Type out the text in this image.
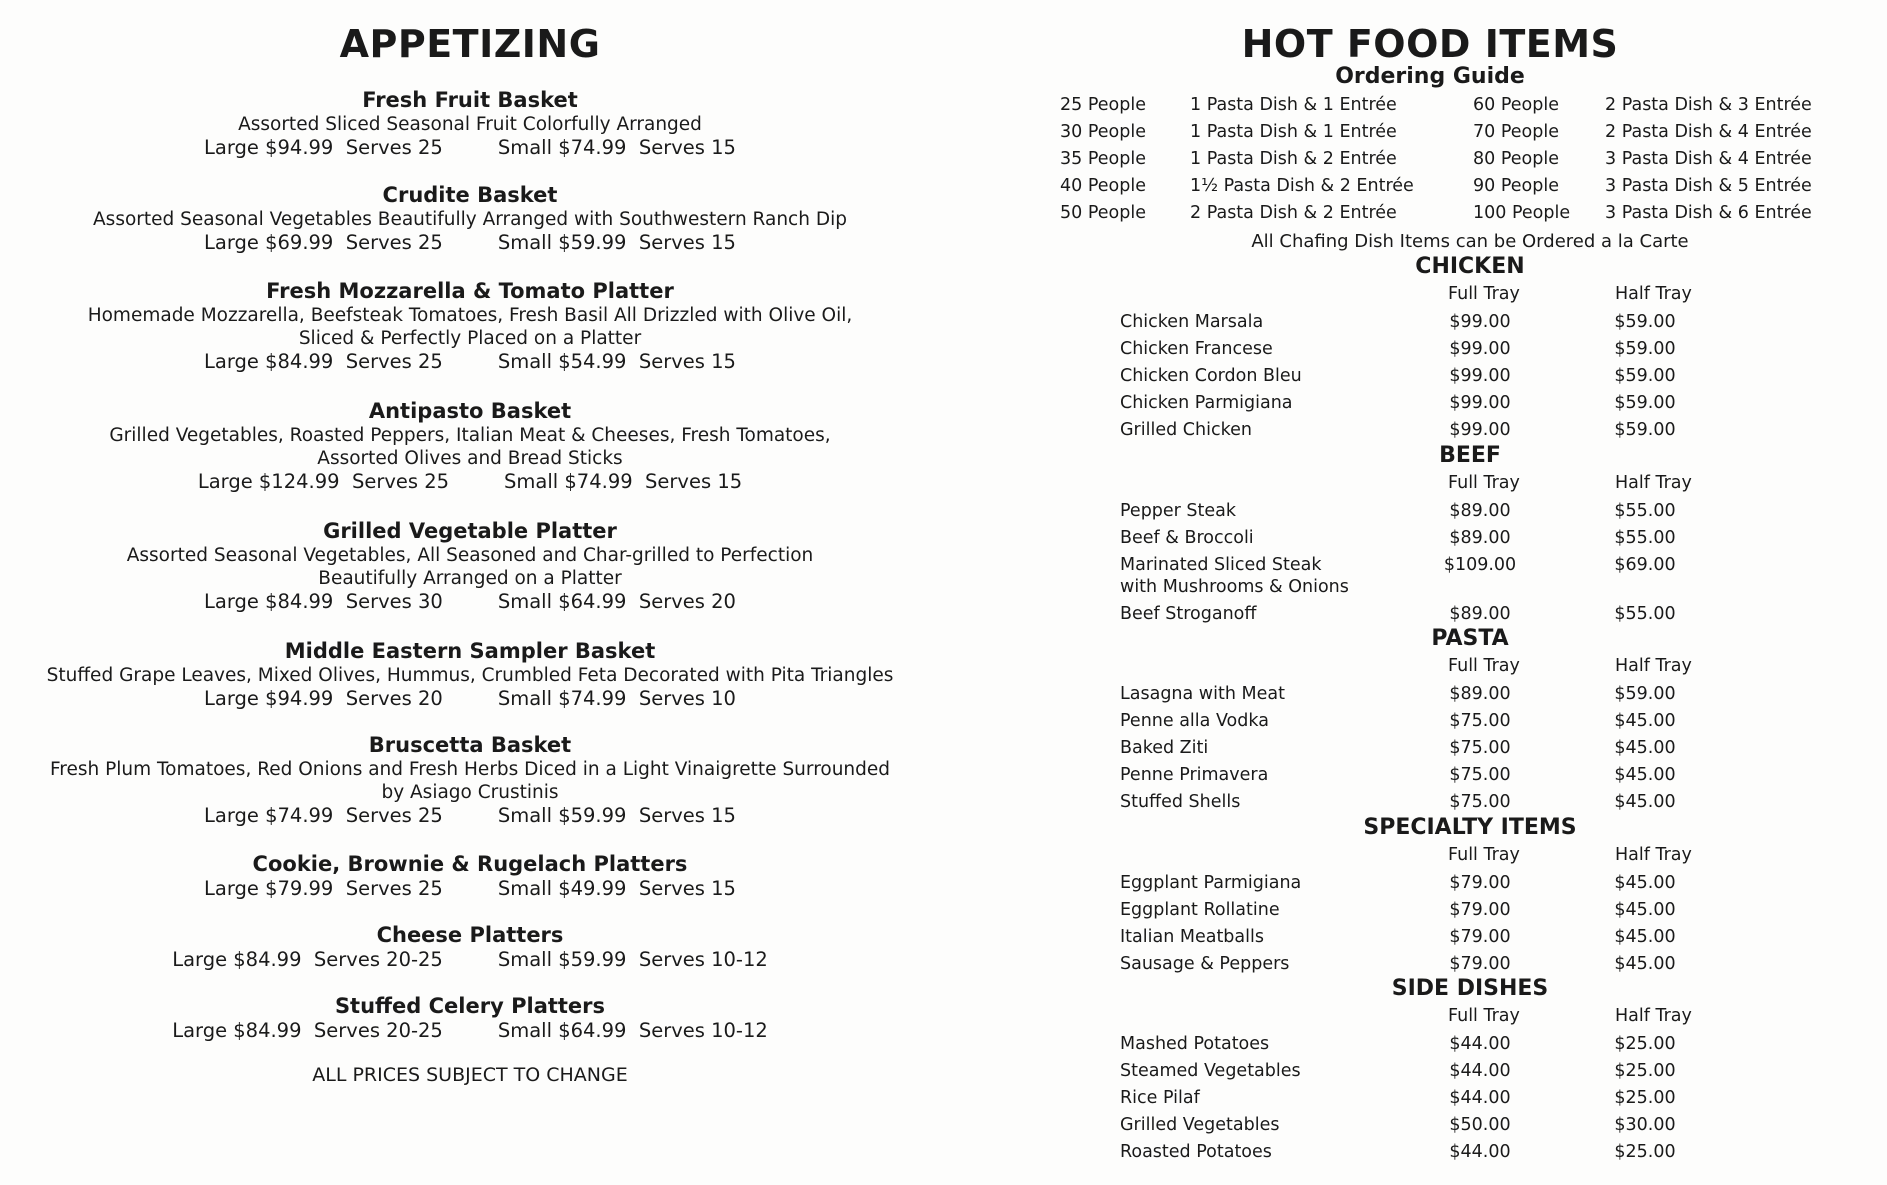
APPETIZING
Fresh Fruit Basket
Assorted Sliced Seasonal Fruit Colorfully Arranged
Large $94.99  Serves 25	Small $74.99  Serves 15
Crudite Basket
Assorted Seasonal Vegetables Beautifully Arranged with Southwestern Ranch Dip
Large $69.99  Serves 25	Small $59.99  Serves 15
Fresh Mozzarella & Tomato Platter
Homemade Mozzarella, Beefsteak Tomatoes, Fresh Basil All Drizzled with Olive Oil,
Sliced & Perfectly Placed on a Platter
Large $84.99  Serves 25	Small $54.99  Serves 15
Antipasto Basket
Grilled Vegetables, Roasted Peppers, Italian Meat & Cheeses, Fresh Tomatoes,
Assorted Olives and Bread Sticks
Large $124.99  Serves 25	Small $74.99  Serves 15
Grilled Vegetable Platter
Assorted Seasonal Vegetables, All Seasoned and Char-grilled to Perfection
Beautifully Arranged on a Platter
Large $84.99  Serves 30	Small $64.99  Serves 20
Middle Eastern Sampler Basket
Stuffed Grape Leaves, Mixed Olives, Hummus, Crumbled Feta Decorated with Pita Triangles
Large $94.99  Serves 20	Small $74.99  Serves 10
Bruscetta Basket
Fresh Plum Tomatoes, Red Onions and Fresh Herbs Diced in a Light Vinaigrette Surrounded
by Asiago Crustinis
Large $74.99  Serves 25	Small $59.99  Serves 15
Cookie, Brownie & Rugelach Platters
Large $79.99  Serves 25	Small $49.99  Serves 15
Cheese Platters
Large $84.99  Serves 20-25	Small $59.99  Serves 10-12
Stuffed Celery Platters
Large $84.99  Serves 20-25	Small $64.99  Serves 10-12
ALL PRICES SUBJECT TO CHANGE
HOT FOOD ITEMS
Ordering Guide
25 People	1 Pasta Dish & 1 Entrée	60 People	2 Pasta Dish & 3 Entrée
30 People	1 Pasta Dish & 1 Entrée	70 People	2 Pasta Dish & 4 Entrée
35 People	1 Pasta Dish & 2 Entrée	80 People	3 Pasta Dish & 4 Entrée
40 People	1½ Pasta Dish & 2 Entrée	90 People	3 Pasta Dish & 5 Entrée
50 People	2 Pasta Dish & 2 Entrée	100 People 3 Pasta Dish & 6 Entrée
All Chafing Dish Items can be Ordered a la Carte
CHICKEN
Full Tray	Half Tray
Chicken Marsala	$99.00	$59.00
Chicken Francese	$99.00	$59.00
Chicken Cordon Bleu	$99.00	$59.00
Chicken Parmigiana	$99.00	$59.00
Grilled Chicken	$99.00	$59.00
BEEF
Full Tray	Half Tray
Pepper Steak	$89.00	$55.00
Beef & Broccoli	$89.00	$55.00
Marinated Sliced Steak	$109.00	$69.00
with Mushrooms & Onions
Beef Stroganoff	$89.00	$55.00
PASTA
Full Tray	Half Tray
Lasagna with Meat	$89.00	$59.00
Penne alla Vodka	$75.00	$45.00
Baked Ziti	$75.00	$45.00
Penne Primavera	$75.00	$45.00
Stuffed Shells	$75.00	$45.00
SPECIALTY ITEMS
Full Tray	Half Tray
Eggplant Parmigiana	$79.00	$45.00
Eggplant Rollatine	$79.00	$45.00
Italian Meatballs	$79.00	$45.00
Sausage & Peppers	$79.00	$45.00
SIDE DISHES
Full Tray	Half Tray
Mashed Potatoes	$44.00	$25.00
Steamed Vegetables	$44.00	$25.00
Rice Pilaf	$44.00	$25.00
Grilled Vegetables	$50.00	$30.00
Roasted Potatoes	$44.00	$25.00
